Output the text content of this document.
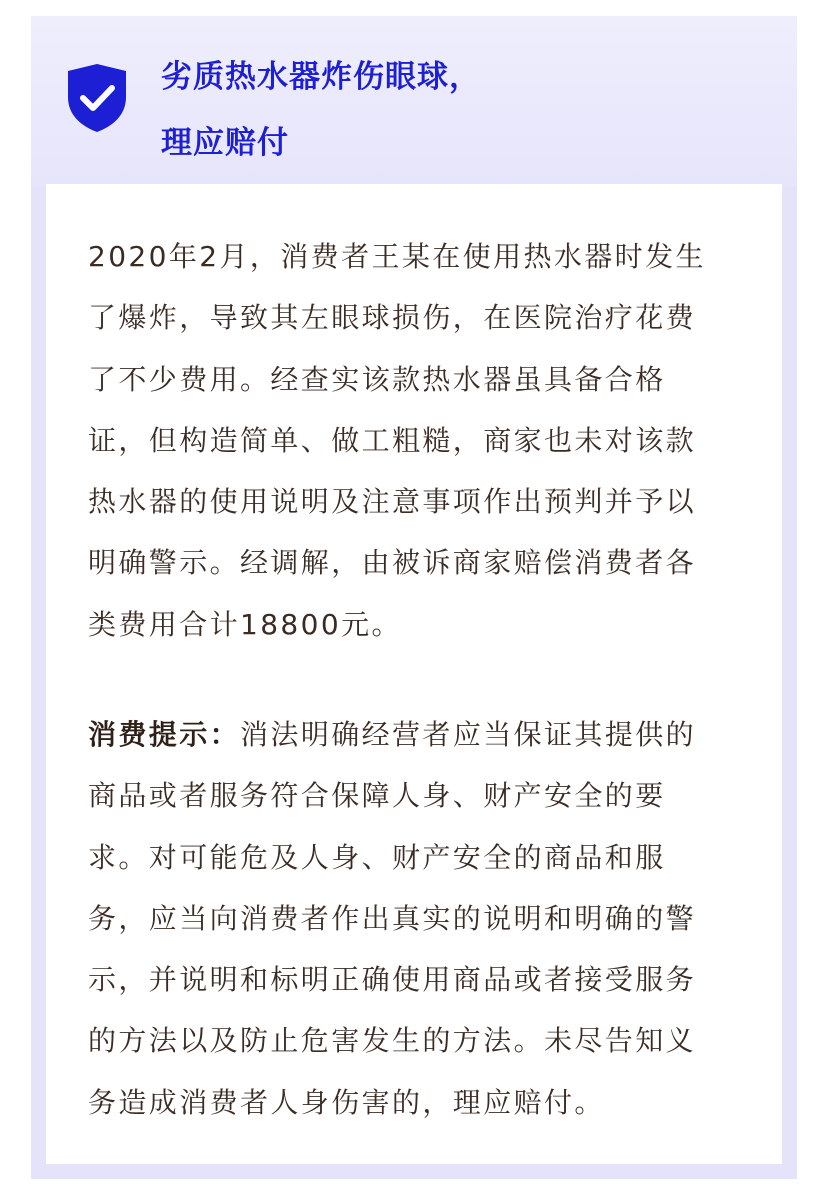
劣质热水器炸伤眼球，
理应赔付

2020年2月，消费者王某在使用热水器时发生
了爆炸，导致其左眼球损伤，在医院治疗花费
了不少费用。经查实该款热水器虽具备合格
证，但构造简单、做工粗糙，商家也未对该款
热水器的使用说明及注意事项作出预判并予以
明确警示。经调解，由被诉商家赔偿消费者各
类费用合计18800元。

消费提示：消法明确经营者应当保证其提供的
商品或者服务符合保障人身、财产安全的要
求。对可能危及人身、财产安全的商品和服
务，应当向消费者作出真实的说明和明确的警
示，并说明和标明正确使用商品或者接受服务
的方法以及防止危害发生的方法。未尽告知义
务造成消费者人身伤害的，理应赔付。
